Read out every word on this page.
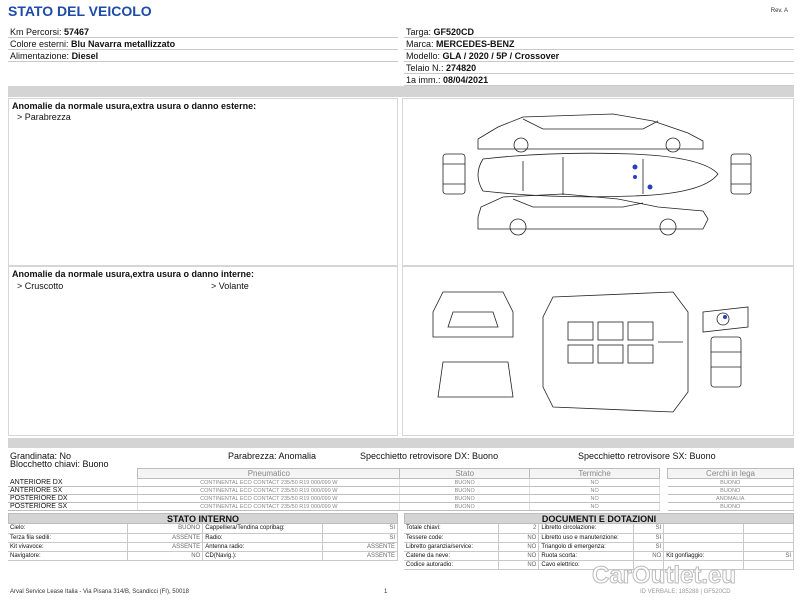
STATO DEL VEICOLO	Rev. A
Km Percorsi: 57467
Colore esterni: Blu Navarra metallizzato
Alimentazione: Diesel
Targa: GF520CD
Marca: MERCEDES-BENZ
Modello: GLA / 2020 / 5P / Crossover
Telaio N.: 274820
1a imm.: 08/04/2021
Anomalie da normale usura,extra usura o danno esterne:
> Parabrezza
Anomalie da normale usura,extra usura o danno interne:
> Cruscotto	> Volante
Grandinata: No	Parabrezza: Anomalia	Specchietto retrovisore DX: Buono	Specchietto retrovisore SX: Buono
Blocchetto chiavi: Buono
	Pneumatico	Stato	Termiche		Cerchi in lega
ANTERIORE DX	CONTINENTAL ECO CONTACT 235/50 R19 000/099 W	BUONO	NO		BUONO
ANTERIORE SX	CONTINENTAL ECO CONTACT 235/50 R19 000/099 W	BUONO	NO		BUONO
POSTERIORE DX	CONTINENTAL ECO CONTACT 235/50 R19 000/099 W	BUONO	NO		ANOMALIA
POSTERIORE SX	CONTINENTAL ECO CONTACT 235/50 R19 000/099 W	BUONO	NO		BUONO
STATO INTERNO
Cielo:	BUONO	Cappelliera/Tendina copribag:	SI
Terza fila sedili:	ASSENTE	Radio:	SI
Kit vivavoce:	ASSENTE	Antenna radio:	ASSENTE
Navigatore:	NO	CD(Navig.):	ASSENTE
DOCUMENTI E DOTAZIONI
Totale chiavi:	2	Libretto circolazione:	SI		
Tessere code:	NO	Libretto uso e manutenzione:	SI		
Libretto garanzia/service:	NO	Triangolo di emergenza:	SI		
Catene da neve:	NO	Ruota scorta:	NO	Kit gonfiaggio:	SI
Codice autoradio:	NO	Cavo elettrico:			
Arval Service Lease Italia - Via Pisana 314/B, Scandicci (FI), 50018	1	ID VERBALE: 185288 | GF520CD
CarOutlet.eu
